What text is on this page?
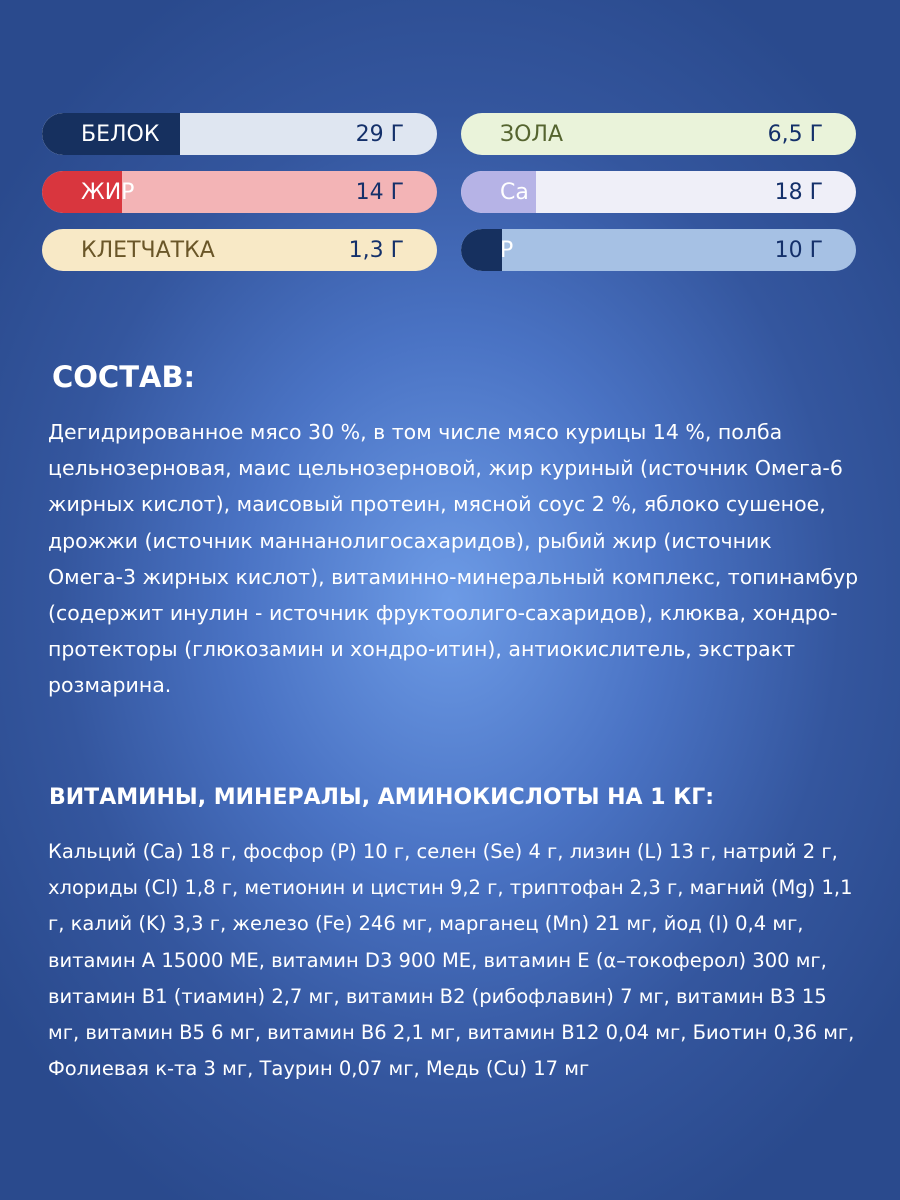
БЕЛОК	29 Г	ЗОЛА	6,5 Г
ЖИР	14 Г	Ca	18 Г
КЛЕТЧАТКА	1,3 Г	P	10 Г
СОСТАВ:

Дегидрированное мясо 30 %, в том числе мясо курицы 14 %, полба цельнозерновая, маис цельнозерновой, жир куриный (источник Омега-6 жирных кислот), маисовый протеин, мясной соус 2 %, яблоко сушеное, дрожжи (источник маннанолигосахаридов), рыбий жир (источник Омега-3 жирных кислот), витаминно-минеральный комплекс, топинамбур (содержит инулин - источник фруктоолиго-сахаридов), клюква, хондро-протекторы (глюкозамин и хондро-итин), антиокислитель, экстракт розмарина.

ВИТАМИНЫ, МИНЕРАЛЫ, АМИНОКИСЛОТЫ НА 1 КГ:

Кальций (Ca) 18 г, фосфор (P) 10 г, селен (Se) 4 г, лизин (L) 13 г, натрий 2 г, хлориды (Cl) 1,8 г, метионин и цистин 9,2 г, триптофан 2,3 г, магний (Mg) 1,1 г, калий (K) 3,3 г, железо (Fe) 246 мг, марганец (Mn) 21 мг, йод (I) 0,4 мг, витамин А 15000 МЕ, витамин D3 900 МЕ, витамин Е (α–токоферол) 300 мг, витамин В1 (тиамин) 2,7 мг, витамин В2 (рибофлавин) 7 мг, витамин В3 15 мг, витамин В5 6 мг, витамин В6 2,1 мг, витамин В12 0,04 мг, Биотин 0,36 мг, Фолиевая к-та 3 мг, Таурин 0,07 мг, Медь (Cu) 17 мг
